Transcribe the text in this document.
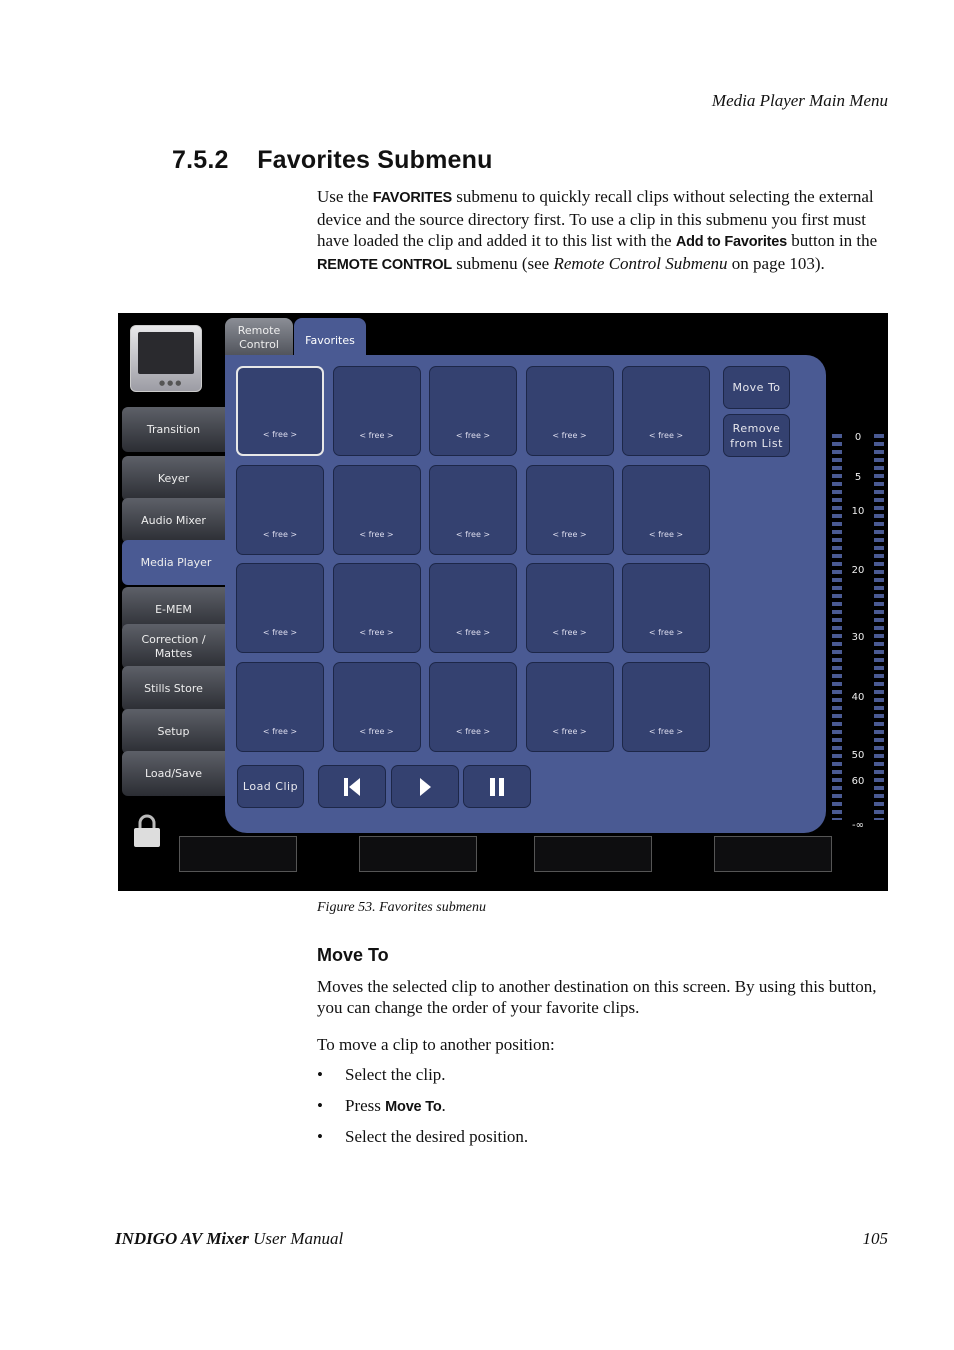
Media Player Main Menu
7.5.2 Favorites Submenu
Use the FAVORITES submenu to quickly recall clips without selecting the external device and the source directory first. To use a clip in this submenu you first must have loaded the clip and added it to this list with the Add to Favorites button in the REMOTE CONTROL submenu (see Remote Control Submenu on page 103).
●●●
Transition
Keyer
Audio Mixer
Media Player
E-MEM
Correction / Mattes
Stills Store
Setup
Load/Save
Remote Control	Favorites
< free >	< free >	< free >	< free >	< free >
< free >	< free >	< free >	< free >	< free >
< free >	< free >	< free >	< free >	< free >
< free >	< free >	< free >	< free >	< free >
Move To
Remove from List
Load Clip
0
5
10
20
30
40
50
60
-∞
Figure 53. Favorites submenu
Move To
Moves the selected clip to another destination on this screen. By using this button, you can change the order of your favorite clips.
To move a clip to another position:
• Select the clip.
• Press Move To.
• Select the desired position.
INDIGO AV Mixer User Manual	105
